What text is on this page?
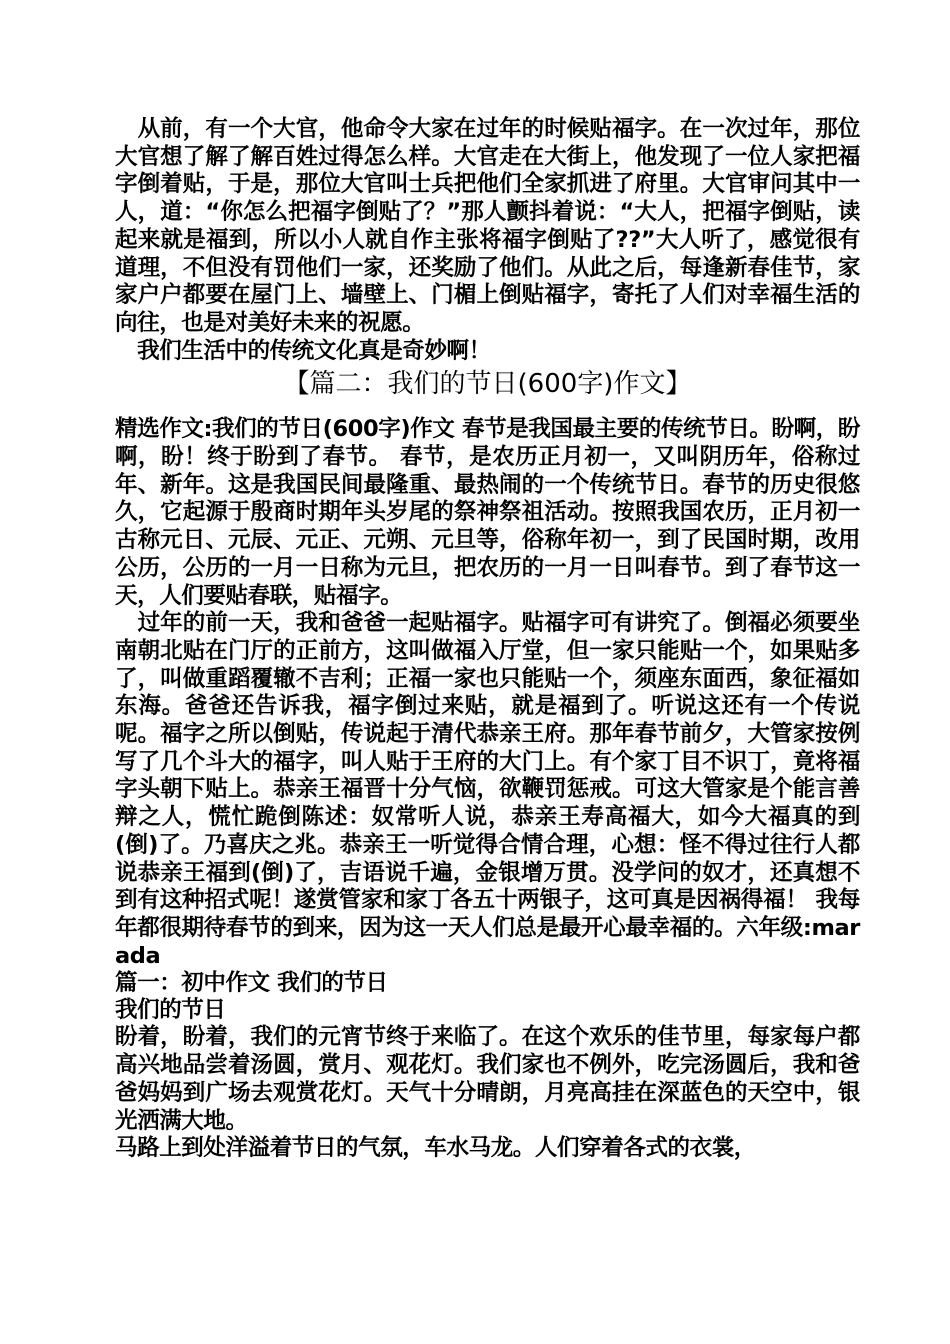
　从前，有一个大官，他命令大家在过年的时候贴福字。在一次过年，那位大官想了解了解百姓过得怎么样。大官走在大街上，他发现了一位人家把福字倒着贴，于是，那位大官叫士兵把他们全家抓进了府里。大官审问其中一人，道：“你怎么把福字倒贴了？”那人颤抖着说：“大人，把福字倒贴，读起来就是福到，所以小人就自作主张将福字倒贴了??”大人听了，感觉很有道理，不但没有罚他们一家，还奖励了他们。从此之后，每逢新春佳节，家家户户都要在屋门上、墙壁上、门楣上倒贴福字，寄托了人们对幸福生活的向往，也是对美好未来的祝愿。

　我们生活中的传统文化真是奇妙啊！

【篇二：我们的节日(600字)作文】

精选作文:我们的节日(600字)作文 春节是我国最主要的传统节日。盼啊，盼啊，盼！终于盼到了春节。 春节，是农历正月初一，又叫阴历年，俗称过年、新年。这是我国民间最隆重、最热闹的一个传统节日。春节的历史很悠久，它起源于殷商时期年头岁尾的祭神祭祖活动。按照我国农历，正月初一古称元日、元辰、元正、元朔、元旦等，俗称年初一，到了民国时期，改用公历，公历的一月一日称为元旦，把农历的一月一日叫春节。到了春节这一天，人们要贴春联，贴福字。

　过年的前一天，我和爸爸一起贴福字。贴福字可有讲究了。倒福必须要坐南朝北贴在门厅的正前方，这叫做福入厅堂，但一家只能贴一个，如果贴多了，叫做重蹈覆辙不吉利；正福一家也只能贴一个，须座东面西，象征福如东海。爸爸还告诉我，福字倒过来贴，就是福到了。听说这还有一个传说呢。福字之所以倒贴，传说起于清代恭亲王府。那年春节前夕，大管家按例写了几个斗大的福字，叫人贴于王府的大门上。有个家丁目不识丁，竟将福字头朝下贴上。恭亲王福晋十分气恼，欲鞭罚惩戒。可这大管家是个能言善辩之人，慌忙跪倒陈述：奴常听人说，恭亲王寿高福大，如今大福真的到(倒)了。乃喜庆之兆。恭亲王一听觉得合情合理，心想：怪不得过往行人都说恭亲王福到(倒)了，吉语说千遍，金银增万贯。没学问的奴才，还真想不到有这种招式呢！遂赏管家和家丁各五十两银子，这可真是因祸得福！ 我每年都很期待春节的到来，因为这一天人们总是最开心最幸福的。六年级:marada

篇一：初中作文 我们的节日

我们的节日

盼着，盼着，我们的元宵节终于来临了。在这个欢乐的佳节里，每家每户都高兴地品尝着汤圆，赏月、观花灯。我们家也不例外，吃完汤圆后，我和爸爸妈妈到广场去观赏花灯。天气十分晴朗，月亮高挂在深蓝色的天空中，银光洒满大地。

马路上到处洋溢着节日的气氛，车水马龙。人们穿着各式的衣裳，
